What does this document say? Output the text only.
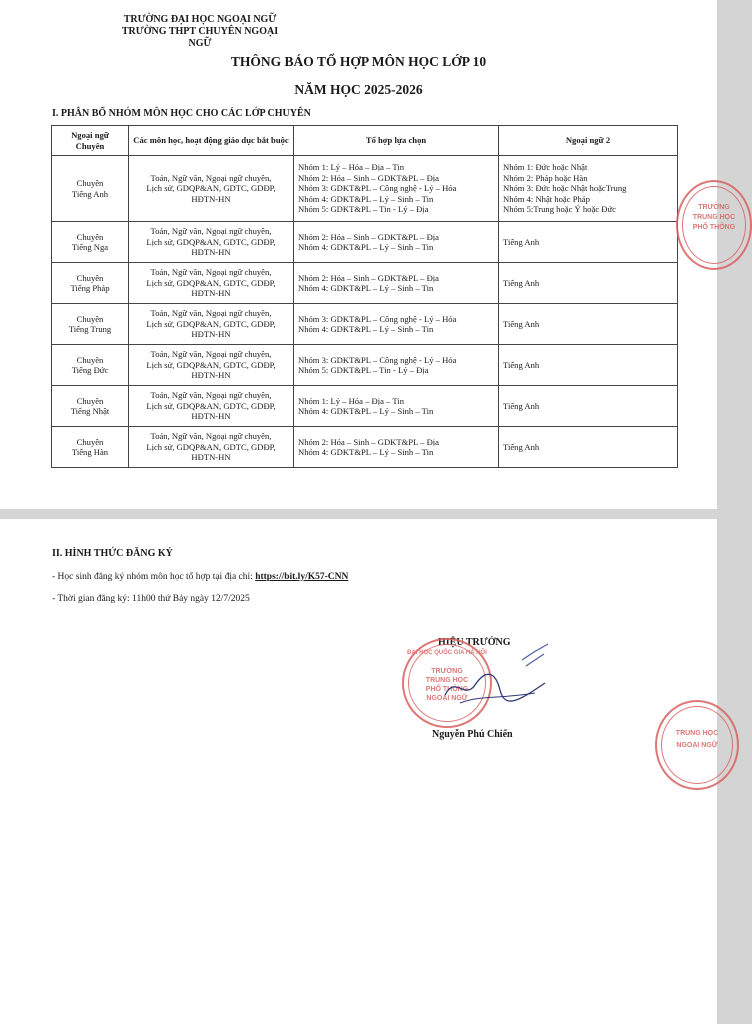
TRƯỜNG ĐẠI HỌC NGOẠI NGỮ
TRƯỜNG THPT CHUYÊN NGOẠI NGỮ
THÔNG BÁO TỔ HỢP MÔN HỌC LỚP 10
NĂM HỌC 2025-2026
I. PHÂN BỔ NHÓM MÔN HỌC CHO CÁC LỚP CHUYÊN
Ngoại ngữ Chuyên	Các môn học, hoạt động giáo dục bắt buộc	Tổ hợp lựa chọn	Ngoại ngữ 2

Chuyên
Tiếng Anh	Toán, Ngữ văn, Ngoại ngữ chuyên,
Lịch sử, GDQP&AN, GDTC, GDĐP,
HĐTN-HN	Nhóm 1: Lý – Hóa – Địa – Tin
Nhóm 2: Hóa – Sinh – GDKT&PL – Địa
Nhóm 3: GDKT&PL – Công nghệ - Lý – Hóa
Nhóm 4: GDKT&PL – Lý – Sinh – Tin
Nhóm 5: GDKT&PL – Tin - Lý – Địa	Nhóm 1: Đức hoặc Nhật
Nhóm 2: Pháp hoặc Hàn
Nhóm 3: Đức hoặc Nhật hoặcTrung
Nhóm 4: Nhật hoặc Pháp
Nhóm 5:Trung hoặc Ý hoặc Đức

Chuyên
Tiếng Nga	Toán, Ngữ văn, Ngoại ngữ chuyên,
Lịch sử, GDQP&AN, GDTC, GDĐP,
HĐTN-HN	Nhóm 2: Hóa – Sinh – GDKT&PL – Địa
Nhóm 4: GDKT&PL – Lý – Sinh – Tin	Tiếng Anh

Chuyên
Tiếng Pháp	Toán, Ngữ văn, Ngoại ngữ chuyên,
Lịch sử, GDQP&AN, GDTC, GDĐP,
HĐTN-HN	Nhóm 2: Hóa – Sinh – GDKT&PL – Địa
Nhóm 4: GDKT&PL – Lý – Sinh – Tin	Tiếng Anh

Chuyên
Tiếng Trung	Toán, Ngữ văn, Ngoại ngữ chuyên,
Lịch sử, GDQP&AN, GDTC, GDĐP,
HĐTN-HN	Nhóm 3: GDKT&PL – Công nghệ - Lý – Hóa
Nhóm 4: GDKT&PL – Lý – Sinh – Tin	Tiếng Anh

Chuyên
Tiếng Đức	Toán, Ngữ văn, Ngoại ngữ chuyên,
Lịch sử, GDQP&AN, GDTC, GDĐP,
HĐTN-HN	Nhóm 3: GDKT&PL – Công nghệ - Lý – Hóa
Nhóm 5: GDKT&PL – Tin - Lý – Địa	Tiếng Anh

Chuyên
Tiếng Nhật	Toán, Ngữ văn, Ngoại ngữ chuyên,
Lịch sử, GDQP&AN, GDTC, GDĐP,
HĐTN-HN	Nhóm 1: Lý – Hóa – Địa – Tin
Nhóm 4: GDKT&PL – Lý – Sinh – Tin	Tiếng Anh

Chuyên
Tiếng Hàn	Toán, Ngữ văn, Ngoại ngữ chuyên,
Lịch sử, GDQP&AN, GDTC, GDĐP,
HĐTN-HN	Nhóm 2: Hóa – Sinh – GDKT&PL – Địa
Nhóm 4: GDKT&PL – Lý – Sinh – Tin	Tiếng Anh
TRƯỜNG
TRUNG HỌC
PHỔ THÔNG
II. HÌNH THỨC ĐĂNG KÝ
- Học sinh đăng ký nhóm môn học tổ hợp tại địa chỉ: https://bit.ly/K57-CNN
- Thời gian đăng ký: 11h00 thứ Bảy ngày 12/7/2025
HIỆU TRƯỞNG
ĐẠI HỌC QUỐC GIA HÀ NỘI
TRƯỜNG
TRUNG HỌC
PHỔ THÔNG
NGOẠI NGỮ
TRUNG HỌC
NGOẠI NGỮ
Nguyễn Phú Chiến
